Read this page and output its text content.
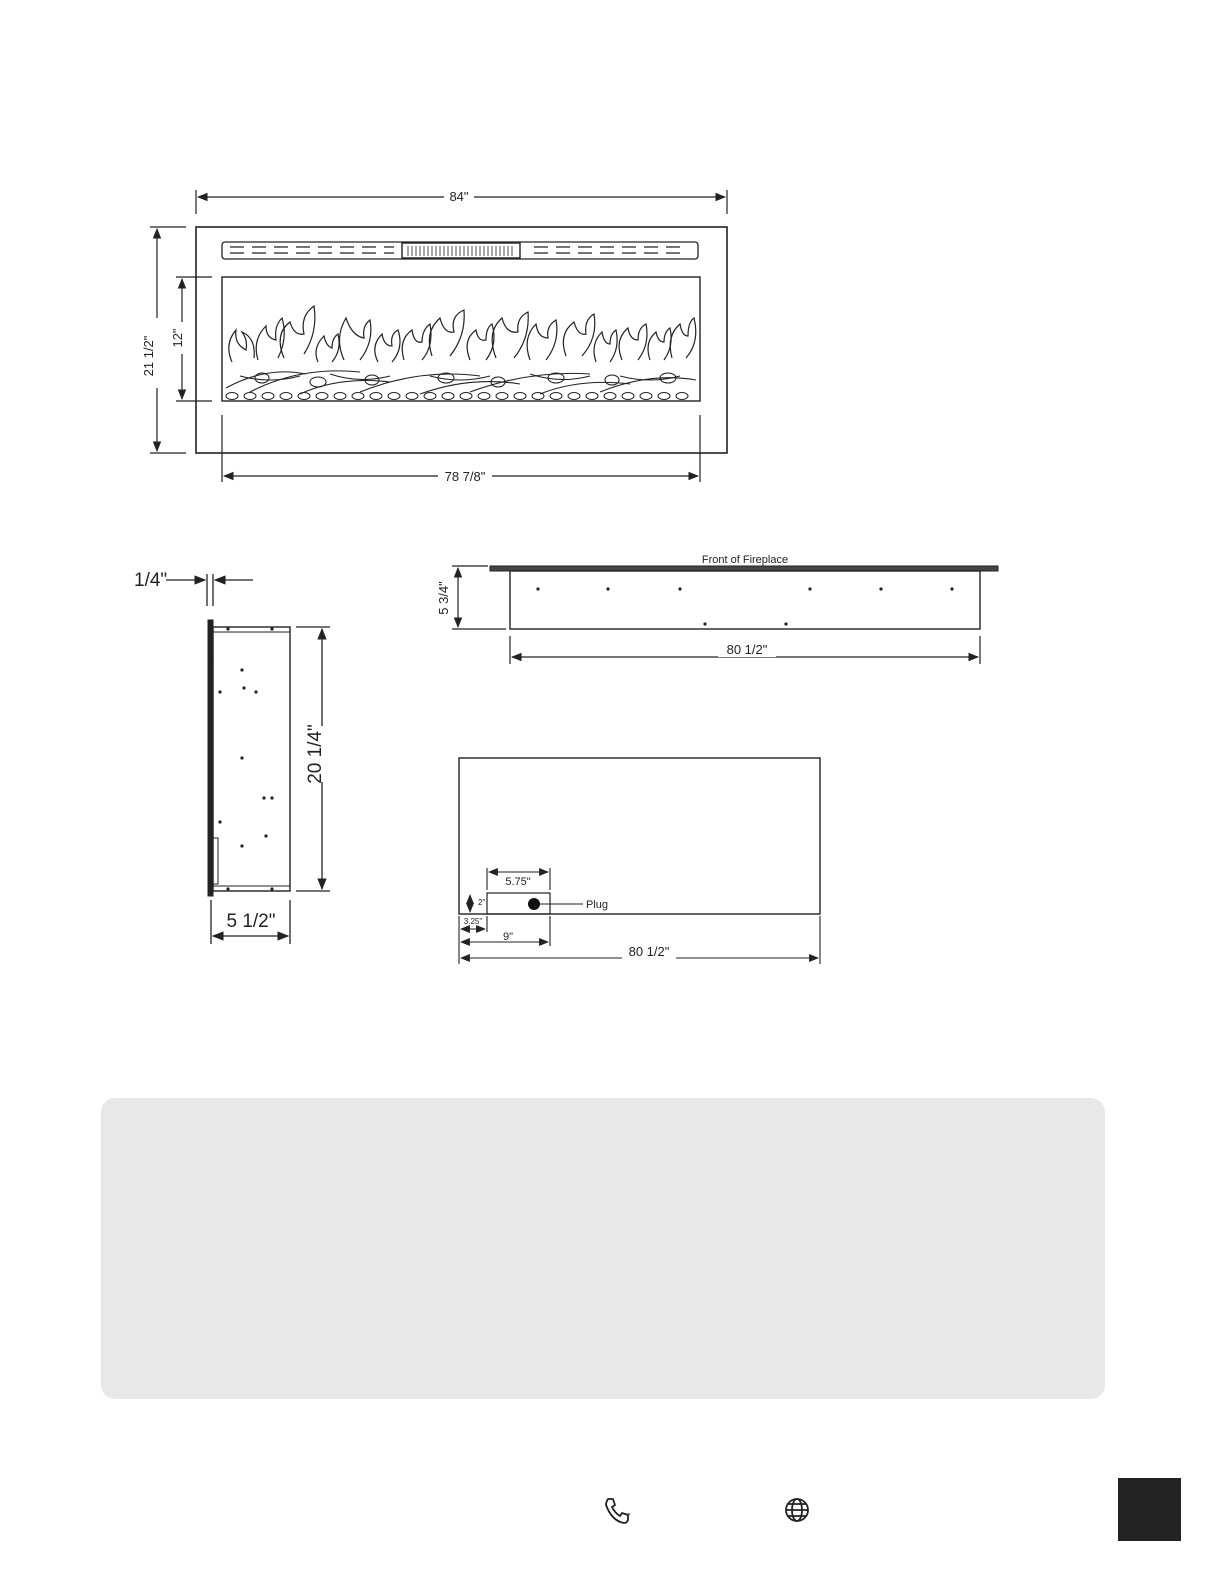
84"
21 1/2" 12"
78 7/8"
1/4"
20 1/4"
5 1/2"
Front of Fireplace
5 3/4"
80 1/2"
5.75"
2"	Plug
3.25"
9"
80 1/2"
